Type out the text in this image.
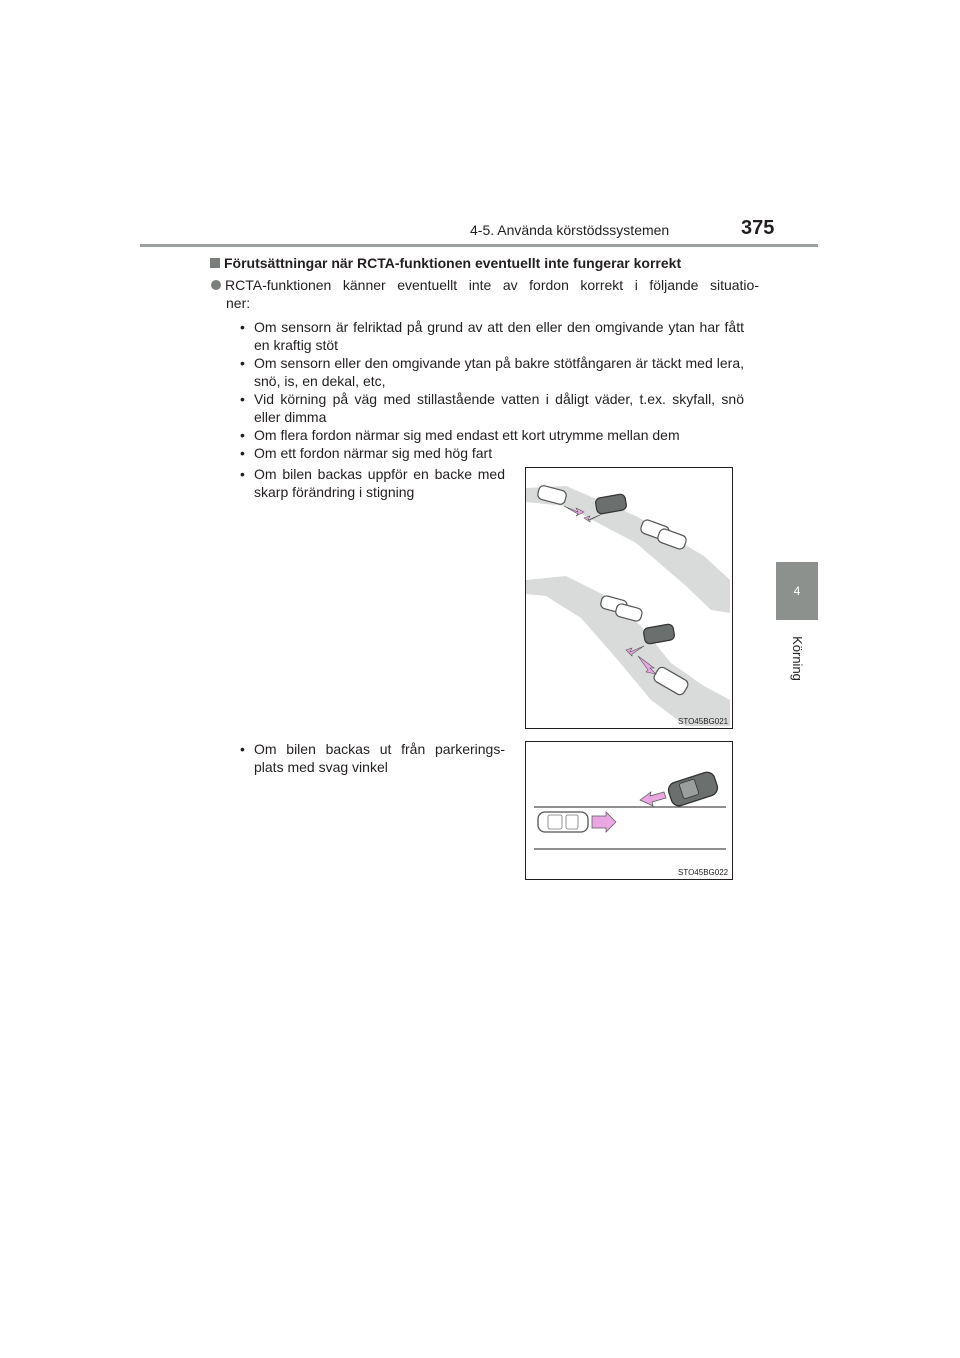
4-5. Använda körstödssystemen	375
4
Körning
Förutsättningar när RCTA-funktionen eventuellt inte fungerar korrekt
RCTA-funktionen känner eventuellt inte av fordon korrekt i följande situatio-
ner:
• Om sensorn är felriktad på grund av att den eller den omgivande ytan har fått en kraftig stöt
• Om sensorn eller den omgivande ytan på bakre stötfångaren är täckt med lera, snö, is, en dekal, etc,
• Vid körning på väg med stillastående vatten i dåligt väder, t.ex. skyfall, snö eller dimma
• Om flera fordon närmar sig med endast ett kort utrymme mellan dem
• Om ett fordon närmar sig med hög fart
• Om bilen backas uppför en backe med skarp förändring i stigning
STO45BG021
• Om bilen backas ut från parkerings-plats med svag vinkel
STO45BG022
